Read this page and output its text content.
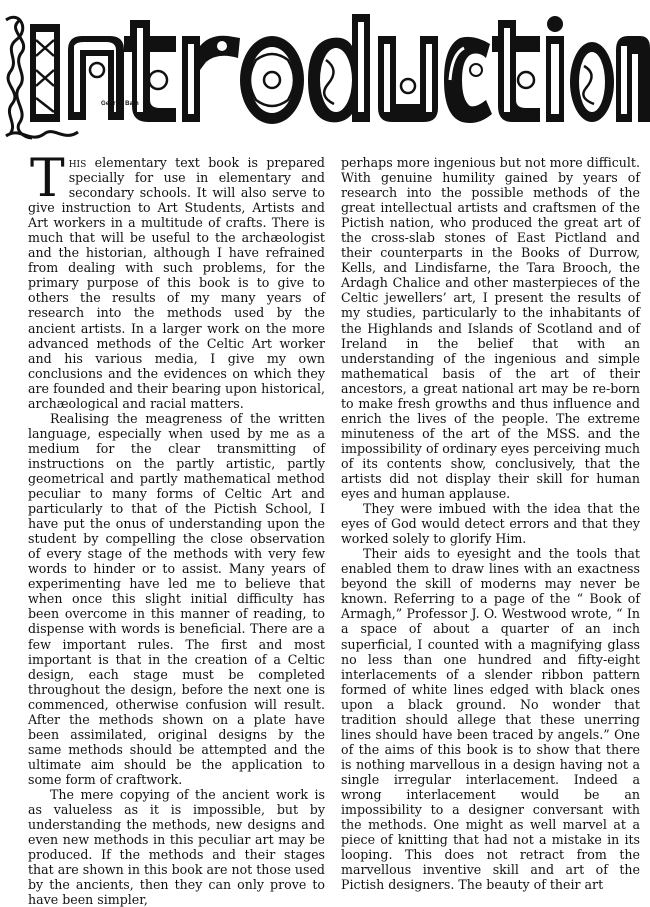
George Bain

This elementary text book is prepared specially for use in elementary and secondary schools. It will also serve to give instruction to Art Students, Artists and Art workers in a multitude of crafts. There is much that will be useful to the archæologist and the historian, although I have refrained from dealing with such problems, for the primary purpose of this book is to give to others the results of my many years of research into the methods used by the ancient artists. In a larger work on the more advanced methods of the Celtic Art worker and his various media, I give my own conclusions and the evidences on which they are founded and their bearing upon historical, archæological and racial matters.

Realising the meagreness of the written language, especially when used by me as a medium for the clear transmitting of instructions on the partly artistic, partly geometrical and partly mathematical method peculiar to many forms of Celtic Art and particularly to that of the Pictish School, I have put the onus of understanding upon the student by compelling the close observation of every stage of the methods with very few words to hinder or to assist. Many years of experimenting have led me to believe that when once this slight initial difficulty has been overcome in this manner of reading, to dispense with words is beneficial. There are a few important rules. The first and most important is that in the creation of a Celtic design, each stage must be completed throughout the design, before the next one is commenced, otherwise confusion will result. After the methods shown on a plate have been assimilated, original designs by the same methods should be attempted and the ultimate aim should be the application to some form of craftwork.

The mere copying of the ancient work is as valueless as it is impossible, but by understanding the methods, new designs and even new methods in this peculiar art may be produced. If the methods and their stages that are shown in this book are not those used by the ancients, then they can only prove to have been simpler,

perhaps more ingenious but not more difficult. With genuine humility gained by years of research into the possible methods of the great intellectual artists and craftsmen of the Pictish nation, who produced the great art of the cross-slab stones of East Pictland and their counterparts in the Books of Durrow, Kells, and Lindisfarne, the Tara Brooch, the Ardagh Chalice and other masterpieces of the Celtic jewellers’ art, I present the results of my studies, particularly to the inhabitants of the Highlands and Islands of Scotland and of Ireland in the belief that with an understanding of the ingenious and simple mathematical basis of the art of their ancestors, a great national art may be re-born to make fresh growths and thus influence and enrich the lives of the people. The extreme minuteness of the art of the MSS. and the impossibility of ordinary eyes perceiving much of its contents show, conclusively, that the artists did not display their skill for human eyes and human applause.

They were imbued with the idea that the eyes of God would detect errors and that they worked solely to glorify Him.

Their aids to eyesight and the tools that enabled them to draw lines with an exactness beyond the skill of moderns may never be known. Referring to a page of the “ Book of Armagh,” Professor J. O. Westwood wrote, “ In a space of about a quarter of an inch superficial, I counted with a magnifying glass no less than one hundred and fifty-eight interlacements of a slender ribbon pattern formed of white lines edged with black ones upon a black ground. No wonder that tradition should allege that these unerring lines should have been traced by angels.” One of the aims of this book is to show that there is nothing marvellous in a design having not a single irregular interlacement. Indeed a wrong interlacement would be an impossibility to a designer conversant with the methods. One might as well marvel at a piece of knitting that had not a mistake in its looping. This does not retract from the marvellous inventive skill and art of the Pictish designers. The beauty of their art
